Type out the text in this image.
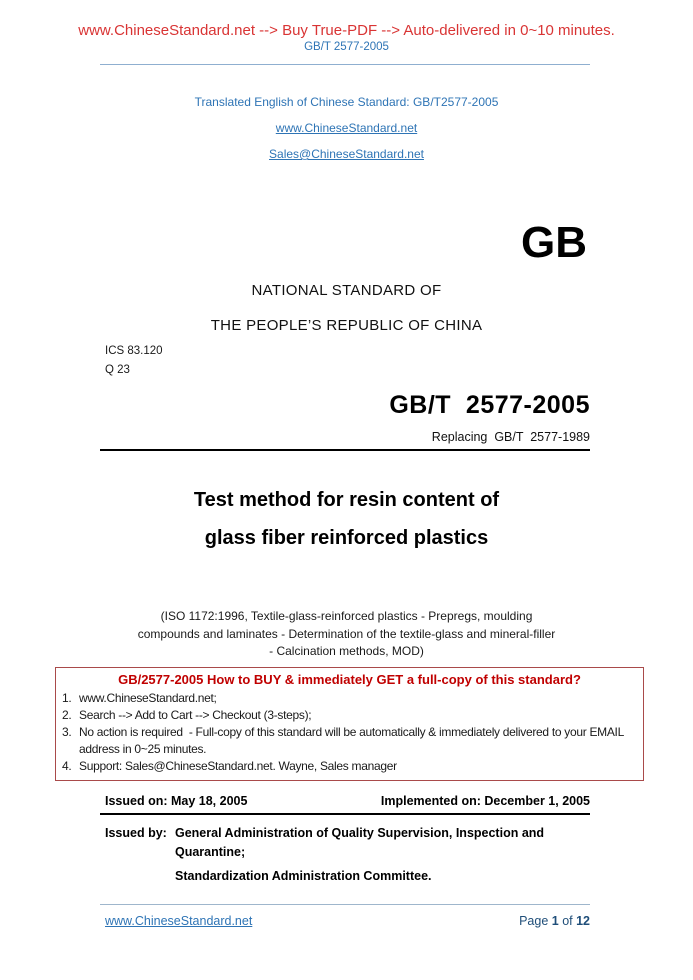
www.ChineseStandard.net --> Buy True-PDF --> Auto-delivered in 0~10 minutes.
GB/T 2577-2005
Translated English of Chinese Standard: GB/T2577-2005
www.ChineseStandard.net
Sales@ChineseStandard.net
GB
NATIONAL STANDARD OF
THE PEOPLE’S REPUBLIC OF CHINA
ICS 83.120
Q 23
GB/T  2577-2005
Replacing  GB/T  2577-1989
Test method for resin content of
glass fiber reinforced plastics
(ISO 1172:1996, Textile-glass-reinforced plastics - Prepregs, moulding
compounds and laminates - Determination of the textile-glass and mineral-filler
- Calcination methods, MOD)
GB/2577-2005 How to BUY & immediately GET a full-copy of this standard?
1. www.ChineseStandard.net;
2. Search --> Add to Cart --> Checkout (3-steps);
3. No action is required  - Full-copy of this standard will be automatically & immediately delivered to your EMAIL address in 0~25 minutes.
4. Support: Sales@ChineseStandard.net. Wayne, Sales manager
Issued on: May 18, 2005	Implemented on: December 1, 2005
Issued by: General Administration of Quality Supervision, Inspection and
Quarantine;
Standardization Administration Committee.
www.ChineseStandard.net	Page 1 of 12
